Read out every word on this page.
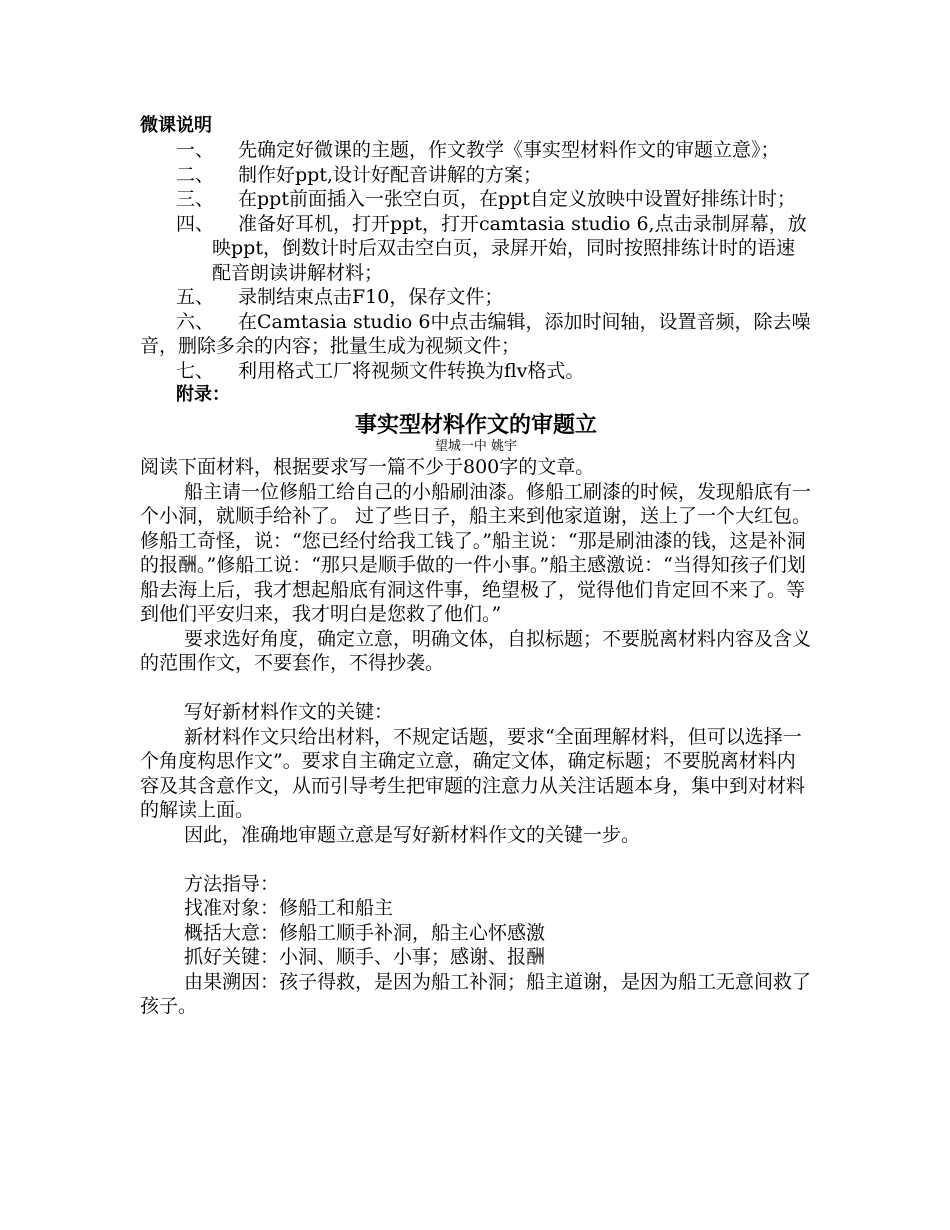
微课说明
一、 先确定好微课的主题，作文教学《事实型材料作文的审题立意》；
二、 制作好ppt,设计好配音讲解的方案；
三、 在ppt前面插入一张空白页，在ppt自定义放映中设置好排练计时；
四、 准备好耳机，打开ppt，打开camtasia studio 6,点击录制屏幕，放映ppt，倒数计时后双击空白页，录屏开始，同时按照排练计时的语速配音朗读讲解材料；
五、 录制结束点击F10，保存文件；
六、 在Camtasia studio 6中点击编辑，添加时间轴，设置音频，除去噪音，删除多余的内容；批量生成为视频文件；
七、 利用格式工厂将视频文件转换为flv格式。
附录：
事实型材料作文的审题立
望城一中 姚宇

阅读下面材料，根据要求写一篇不少于800字的文章。

船主请一位修船工给自己的小船刷油漆。修船工刷漆的时候，发现船底有一个小洞，就顺手给补了。 过了些日子，船主来到他家道谢，送上了一个大红包。修船工奇怪，说：“您已经付给我工钱了。”船主说：“那是刷油漆的钱，这是补洞的报酬。”修船工说：“那只是顺手做的一件小事。”船主感激说：“当得知孩子们划船去海上后，我才想起船底有洞这件事，绝望极了，觉得他们肯定回不来了。等到他们平安归来，我才明白是您救了他们。”

要求选好角度，确定立意，明确文体，自拟标题；不要脱离材料内容及含义的范围作文，不要套作，不得抄袭。

写好新材料作文的关键：

新材料作文只给出材料，不规定话题，要求“全面理解材料，但可以选择一个角度构思作文”。要求自主确定立意，确定文体，确定标题；不要脱离材料内容及其含意作文，从而引导考生把审题的注意力从关注话题本身，集中到对材料的解读上面。

因此，准确地审题立意是写好新材料作文的关键一步。

方法指导：

找准对象：修船工和船主

概括大意：修船工顺手补洞，船主心怀感激

抓好关键：小洞、顺手、小事；感谢、报酬

由果溯因：孩子得救，是因为船工补洞；船主道谢，是因为船工无意间救了孩子。
